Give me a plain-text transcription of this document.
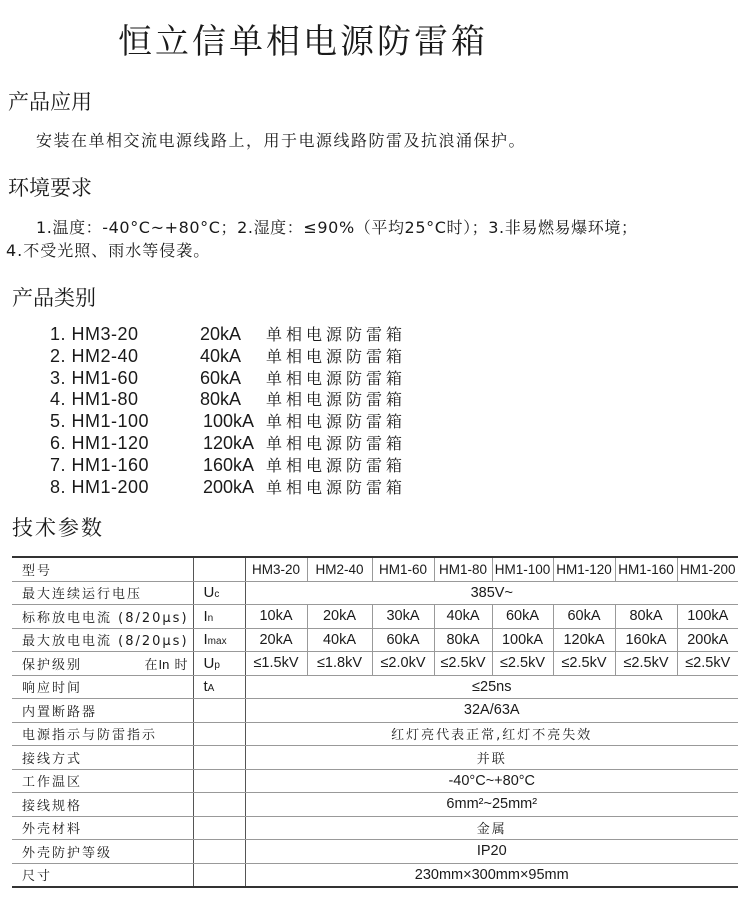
恒立信单相电源防雷箱
产品应用

安装在单相交流电源线路上，用于电源线路防雷及抗浪涌保护。

环境要求

1.温度：-40°C~+80°C；2.湿度：≤90%（平均25°C时）；3.非易燃易爆环境；

4.不受光照、雨水等侵袭。

产品类别
1. HM3-20	20kA 单相电源防雷箱
2. HM2-40	40kA 单相电源防雷箱
3. HM1-60	60kA 单相电源防雷箱
4. HM1-80	80kA 单相电源防雷箱
5. HM1-100	100kA 单相电源防雷箱
6. HM1-120	120kA 单相电源防雷箱
7. HM1-160	160kA 单相电源防雷箱
8. HM1-200	200kA 单相电源防雷箱
技术参数
型号		HM3-20	HM2-40	HM1-60	HM1-80	HM1-100	HM1-120	HM1-160	HM1-200
最大连续运行电压	Uc	385V~							
标称放电电流 (8/20μs)	In	10kA	20kA	30kA	40kA	60kA	60kA	80kA	100kA
最大放电电流 (8/20μs)	Imax	20kA	40kA	60kA	80kA	100kA	120kA	160kA	200kA
保护级别 在In 时	Up	≤1.5kV	≤1.8kV	≤2.0kV	≤2.5kV	≤2.5kV	≤2.5kV	≤2.5kV	≤2.5kV
响应时间	tA	≤25ns							
内置断路器		32A/63A							
电源指示与防雷指示		红灯亮代表正常,红灯不亮失效							
接线方式		并联							
工作温区		-40°C~+80°C							
接线规格		6mm²~25mm²							
外壳材料		金属							
外壳防护等级		IP20							
尺寸		230mm×300mm×95mm							
